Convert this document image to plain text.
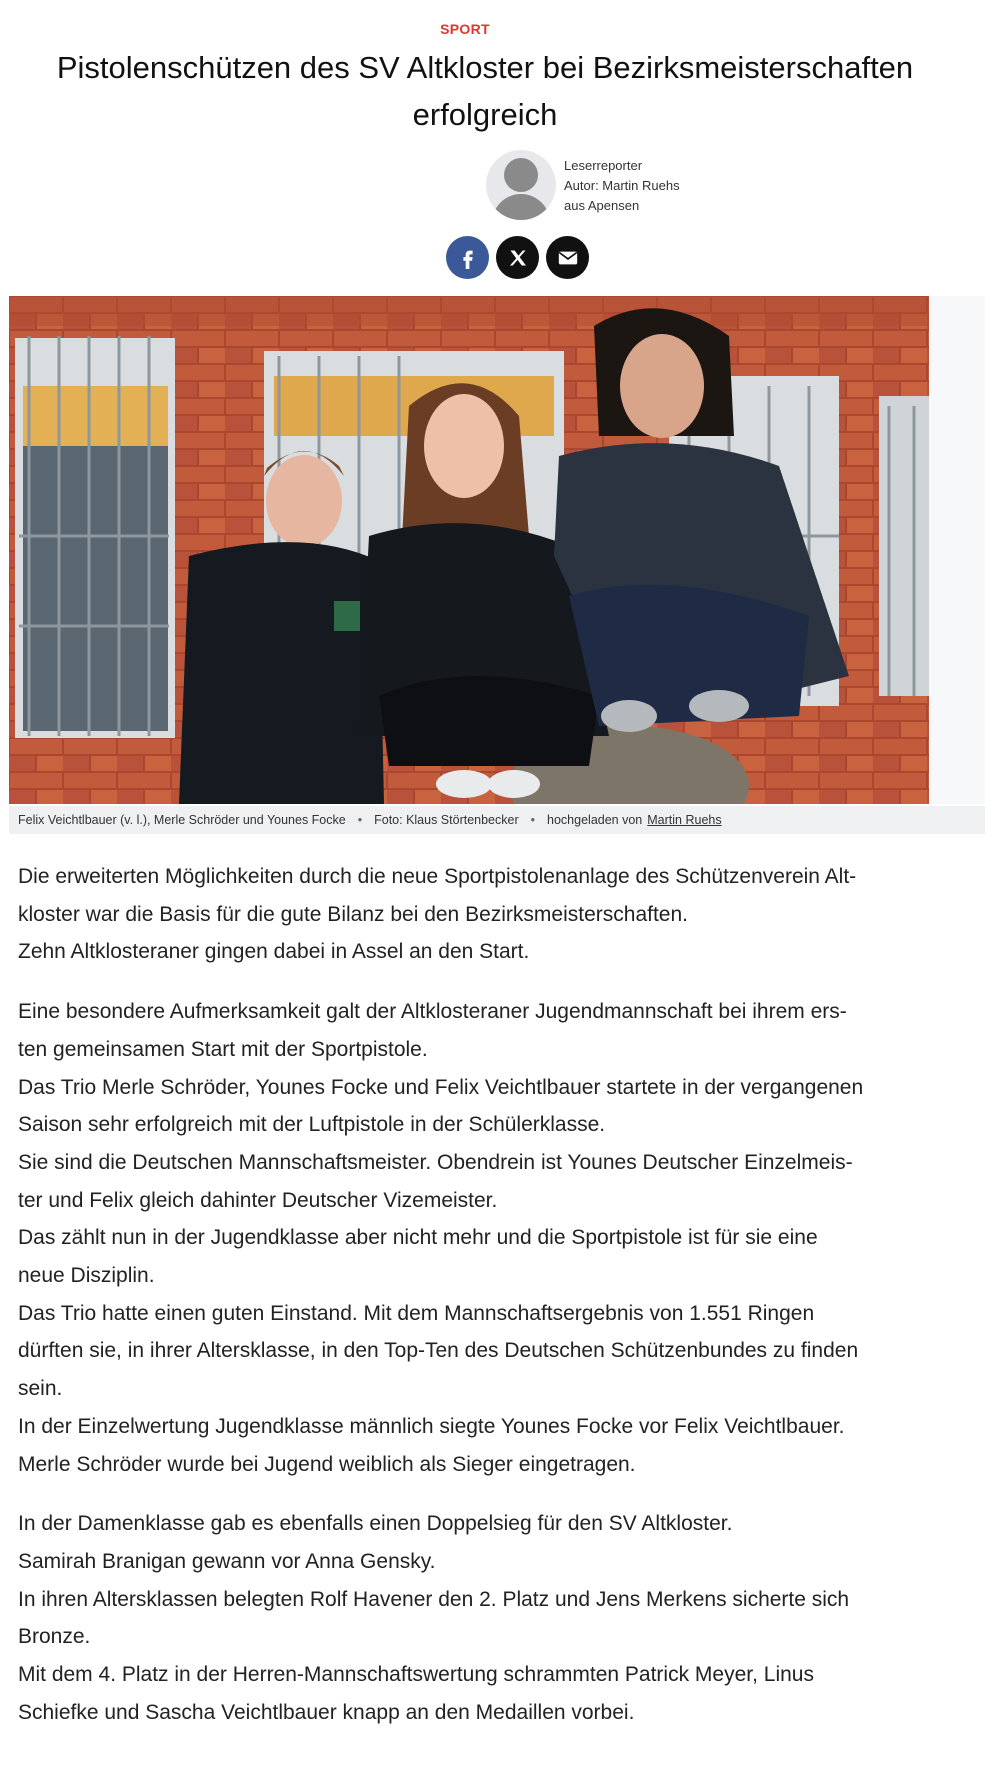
SPORT
Pistolenschützen des SV Altkloster bei Bezirksmeisterschaften erfolgreich
Leserreporter
Autor: Martin Ruehs
aus Apensen
Felix Veichtlbauer (v. l.), Merle Schröder und Younes Focke • Foto: Klaus Störtenbecker • hochgeladen von Martin Ruehs

Die erweiterten Möglichkeiten durch die neue Sportpistolenanlage des Schützenverein Alt-
kloster war die Basis für die gute Bilanz bei den Bezirksmeisterschaften.
Zehn Altklosteraner gingen dabei in Assel an den Start.

Eine besondere Aufmerksamkeit galt der Altklosteraner Jugendmannschaft bei ihrem ers-
ten gemeinsamen Start mit der Sportpistole.
Das Trio Merle Schröder, Younes Focke und Felix Veichtlbauer startete in der vergangenen
Saison sehr erfolgreich mit der Luftpistole in der Schülerklasse.
Sie sind die Deutschen Mannschaftsmeister. Obendrein ist Younes Deutscher Einzelmeis-
ter und Felix gleich dahinter Deutscher Vizemeister.
Das zählt nun in der Jugendklasse aber nicht mehr und die Sportpistole ist für sie eine
neue Disziplin.
Das Trio hatte einen guten Einstand. Mit dem Mannschaftsergebnis von 1.551 Ringen
dürften sie, in ihrer Altersklasse, in den Top-Ten des Deutschen Schützenbundes zu finden
sein.
In der Einzelwertung Jugendklasse männlich siegte Younes Focke vor Felix Veichtlbauer.
Merle Schröder wurde bei Jugend weiblich als Sieger eingetragen.

In der Damenklasse gab es ebenfalls einen Doppelsieg für den SV Altkloster.
Samirah Branigan gewann vor Anna Gensky.
In ihren Altersklassen belegten Rolf Havener den 2. Platz und Jens Merkens sicherte sich
Bronze.
Mit dem 4. Platz in der Herren-Mannschaftswertung schrammten Patrick Meyer, Linus
Schiefke und Sascha Veichtlbauer knapp an den Medaillen vorbei.
